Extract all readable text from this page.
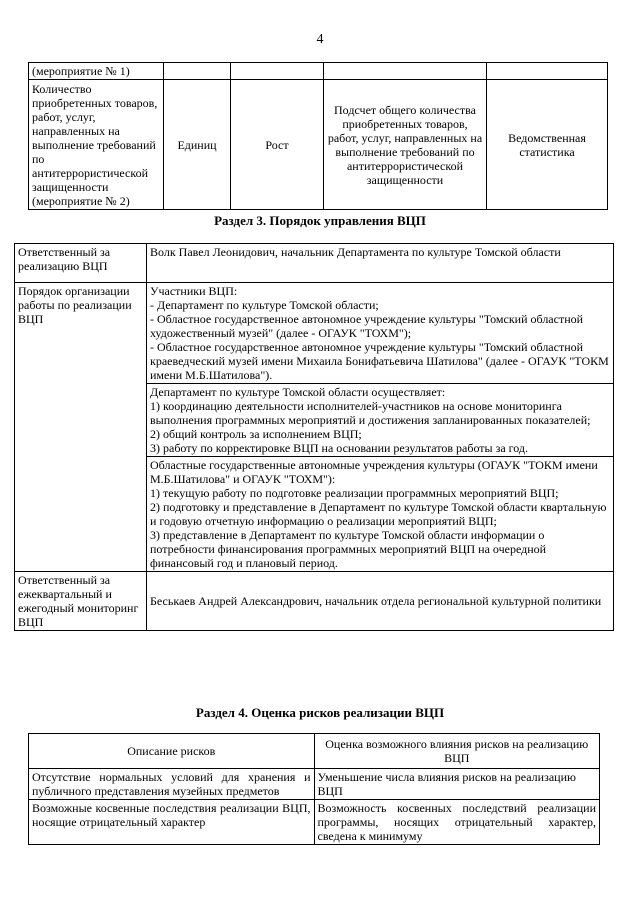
4
(мероприятие № 1)				
Количество приобретенных товаров, работ, услуг, направленных на выполнение требований по антитеррористической защищенности (мероприятие № 2)	Единиц	Рост	Подсчет общего количества приобретенных товаров, работ, услуг, направленных на выполнение требований по антитеррористической защищенности	Ведомственная статистика
Раздел 3. Порядок управления ВЦП
Ответственный за реализацию ВЦП	Волк Павел Леонидович, начальник Департамента по культуре Томской области
Порядок организации работы по реализации ВЦП	Участники ВЦП:
- Департамент по культуре Томской области;
- Областное государственное автономное учреждение культуры "Томский областной художественный музей" (далее - ОГАУК "ТОХМ");
- Областное государственное автономное учреждение культуры "Томский областной краеведческий музей имени Михаила Бонифатьевича Шатилова" (далее - ОГАУК "ТОКМ имени М.Б.Шатилова").

	Департамент по культуре Томской области осуществляет:
1) координацию деятельности исполнителей-участников на основе мониторинга выполнения программных мероприятий и достижения запланированных показателей;
2) общий контроль за исполнением ВЦП;
3) работу по корректировке ВЦП на основании результатов работы за год.

	Областные государственные автономные учреждения культуры (ОГАУК "ТОКМ имени М.Б.Шатилова" и ОГАУК "ТОХМ"):
1) текущую работу по подготовке реализации программных мероприятий ВЦП;
2) подготовку и представление в Департамент по культуре Томской области квартальную и годовую отчетную информацию о реализации мероприятий ВЦП;
3) представление в Департамент по культуре Томской области информации о потребности финансирования программных мероприятий ВЦП на очередной финансовый год и плановый период.

Ответственный за ежеквартальный и ежегодный мониторинг ВЦП	Беськаев Андрей Александрович, начальник отдела региональной культурной политики
Раздел 4. Оценка рисков реализации ВЦП
Описание рисков	Оценка возможного влияния рисков на реализацию ВЦП
Отсутствие нормальных условий для хранения и публичного представления музейных предметов	Уменьшение числа влияния рисков на реализацию ВЦП
Возможные косвенные последствия реализации ВЦП, носящие отрицательный характер	Возможность косвенных последствий реализации программы, носящих отрицательный характер, сведена к минимуму
